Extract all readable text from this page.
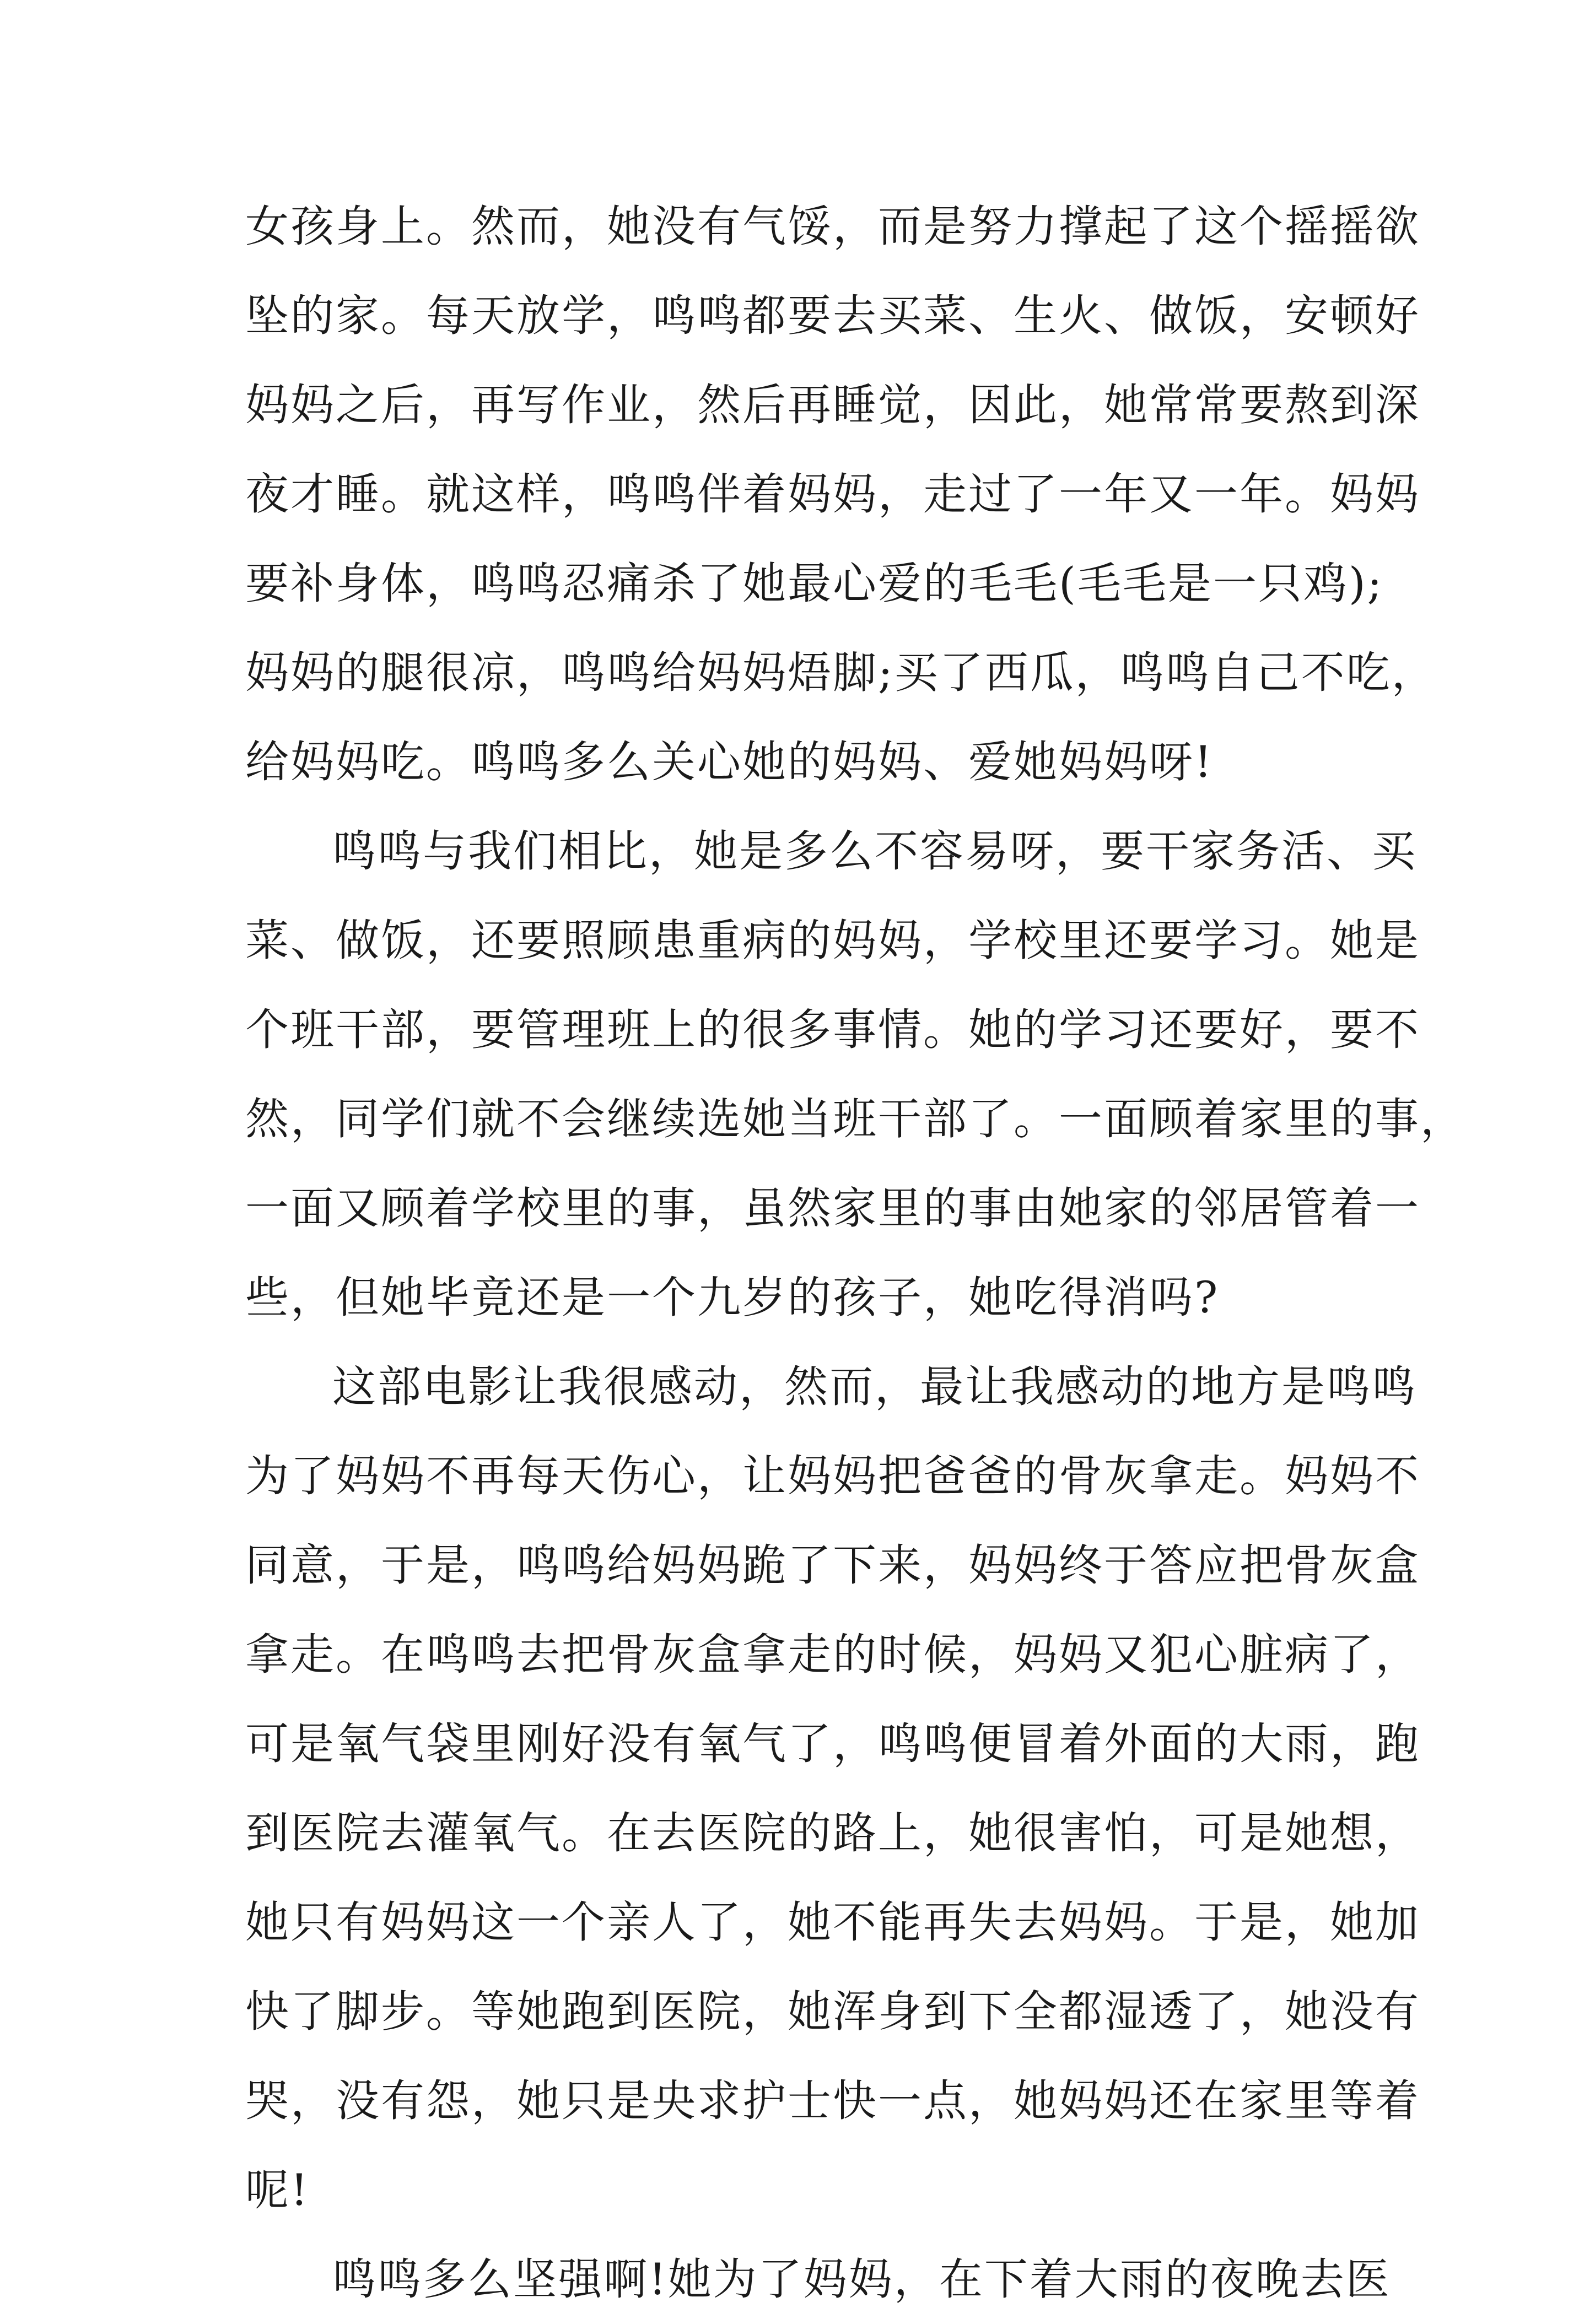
女孩身上。然而，她没有气馁，而是努力撑起了这个摇摇欲
坠的家。每天放学，鸣鸣都要去买菜、生火、做饭，安顿好
妈妈之后，再写作业，然后再睡觉，因此，她常常要熬到深
夜才睡。就这样，鸣鸣伴着妈妈，走过了一年又一年。妈妈
要补身体，鸣鸣忍痛杀了她最心爱的毛毛(毛毛是一只鸡);
妈妈的腿很凉，鸣鸣给妈妈焐脚;买了西瓜，鸣鸣自己不吃，
给妈妈吃。鸣鸣多么关心她的妈妈、爱她妈妈呀!
鸣鸣与我们相比，她是多么不容易呀，要干家务活、买
菜、做饭，还要照顾患重病的妈妈，学校里还要学习。她是
个班干部，要管理班上的很多事情。她的学习还要好，要不
然，同学们就不会继续选她当班干部了。一面顾着家里的事，
一面又顾着学校里的事，虽然家里的事由她家的邻居管着一
些，但她毕竟还是一个九岁的孩子，她吃得消吗?
这部电影让我很感动，然而，最让我感动的地方是鸣鸣
为了妈妈不再每天伤心，让妈妈把爸爸的骨灰拿走。妈妈不
同意，于是，鸣鸣给妈妈跪了下来，妈妈终于答应把骨灰盒
拿走。在鸣鸣去把骨灰盒拿走的时候，妈妈又犯心脏病了，
可是氧气袋里刚好没有氧气了，鸣鸣便冒着外面的大雨，跑
到医院去灌氧气。在去医院的路上，她很害怕，可是她想，
她只有妈妈这一个亲人了，她不能再失去妈妈。于是，她加
快了脚步。等她跑到医院，她浑身到下全都湿透了，她没有
哭，没有怨，她只是央求护士快一点，她妈妈还在家里等着
呢!
鸣鸣多么坚强啊!她为了妈妈，在下着大雨的夜晚去医
